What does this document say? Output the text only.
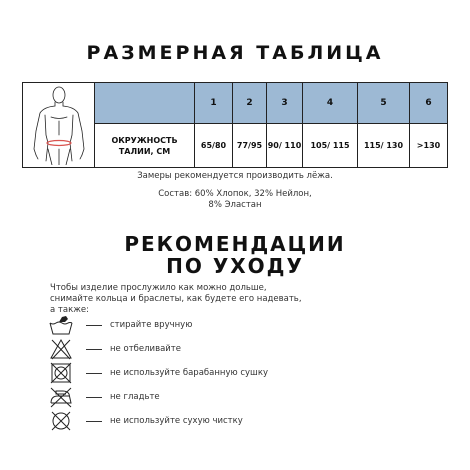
РАЗМЕРНАЯ ТАБЛИЦА
		1	2	3	4	5	6

	ОКРУЖНОСТЬ
ТАЛИИ, СМ	65/80	77/95	90/ 110	105/ 115	115/ 130	>130
Замеры рекомендуется производить лёжа.
Состав: 60% Хлопок, 32% Нейлон,
8% Эластан
РЕКОМЕНДАЦИИ
ПО УХОДУ
Чтобы изделие прослужило как можно дольше,
снимайте кольца и браслеты, как будете его надевать,
а также:
стирайте вручную
не отбеливайте
не используйте барабанную сушку
не гладьте
не используйте сухую чистку
